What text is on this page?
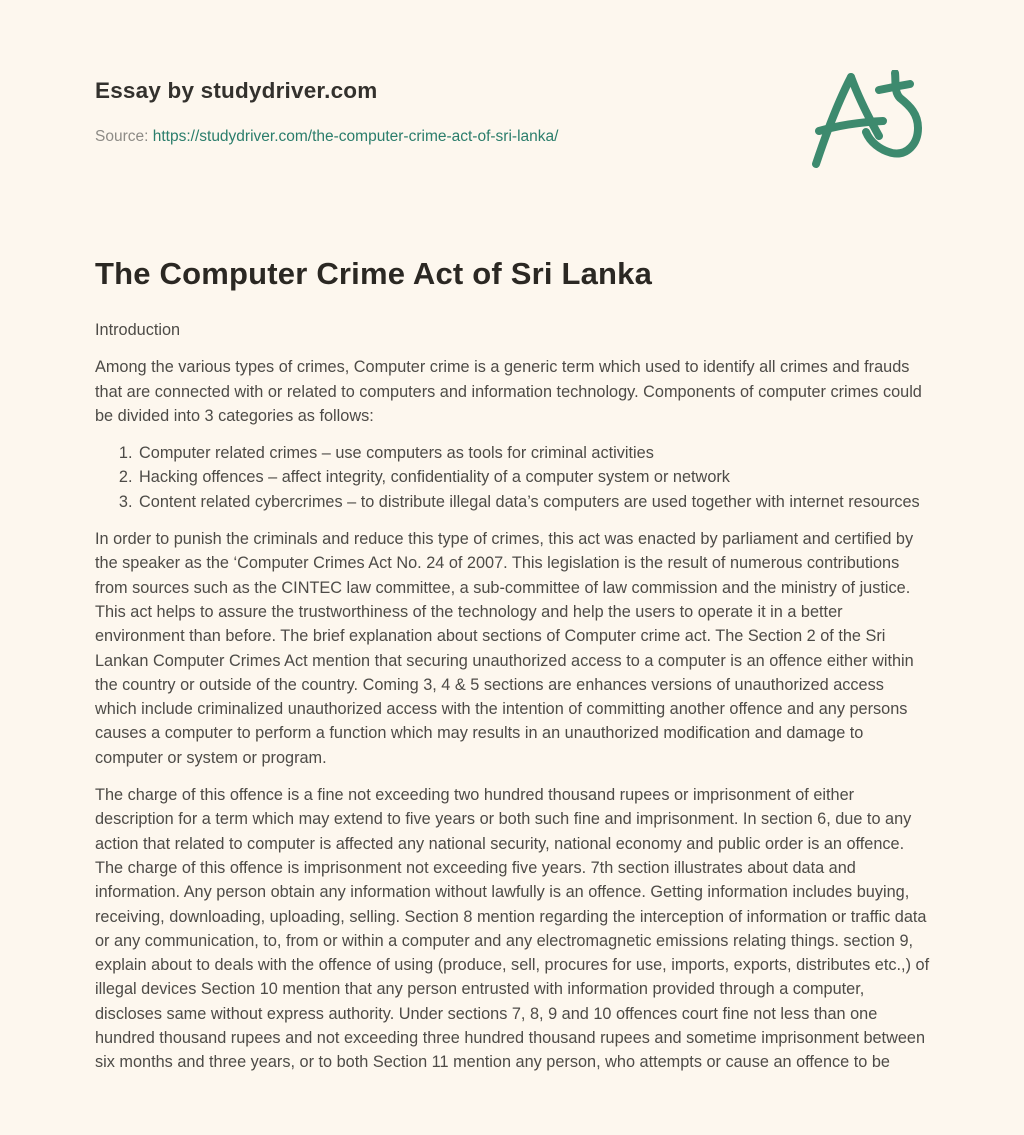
Essay by studydriver.com

Source: https://studydriver.com/the-computer-crime-act-of-sri-lanka/

The Computer Crime Act of Sri Lanka

Introduction

Among the various types of crimes, Computer crime is a generic term which used to identify all crimes and frauds that are connected with or related to computers and information technology. Components of computer crimes could be divided into 3 categories as follows:

1. Computer related crimes – use computers as tools for criminal activities
2. Hacking offences – affect integrity, confidentiality of a computer system or network
3. Content related cybercrimes – to distribute illegal data’s computers are used together with internet resources

In order to punish the criminals and reduce this type of crimes, this act was enacted by parliament and certified by the speaker as the ‘Computer Crimes Act No. 24 of 2007. This legislation is the result of numerous contributions from sources such as the CINTEC law committee, a sub-committee of law commission and the ministry of justice. This act helps to assure the trustworthiness of the technology and help the users to operate it in a better environment than before. The brief explanation about sections of Computer crime act. The Section 2 of the Sri Lankan Computer Crimes Act mention that securing unauthorized access to a computer is an offence either within the country or outside of the country. Coming 3, 4 & 5 sections are enhances versions of unauthorized access which include criminalized unauthorized access with the intention of committing another offence and any persons causes a computer to perform a function which may results in an unauthorized modification and damage to computer or system or program.

The charge of this offence is a fine not exceeding two hundred thousand rupees or imprisonment of either description for a term which may extend to five years or both such fine and imprisonment. In section 6, due to any action that related to computer is affected any national security, national economy and public order is an offence. The charge of this offence is imprisonment not exceeding five years. 7th section illustrates about data and information. Any person obtain any information without lawfully is an offence. Getting information includes buying, receiving, downloading, uploading, selling. Section 8 mention regarding the interception of information or traffic data or any communication, to, from or within a computer and any electromagnetic emissions relating things. section 9, explain about to deals with the offence of using (produce, sell, procures for use, imports, exports, distributes etc.,) of illegal devices Section 10 mention that any person entrusted with information provided through a computer, discloses same without express authority. Under sections 7, 8, 9 and 10 offences court fine not less than one hundred thousand rupees and not exceeding three hundred thousand rupees and sometime imprisonment between six months and three years, or to both Section 11 mention any person, who attempts or cause an offence to be
